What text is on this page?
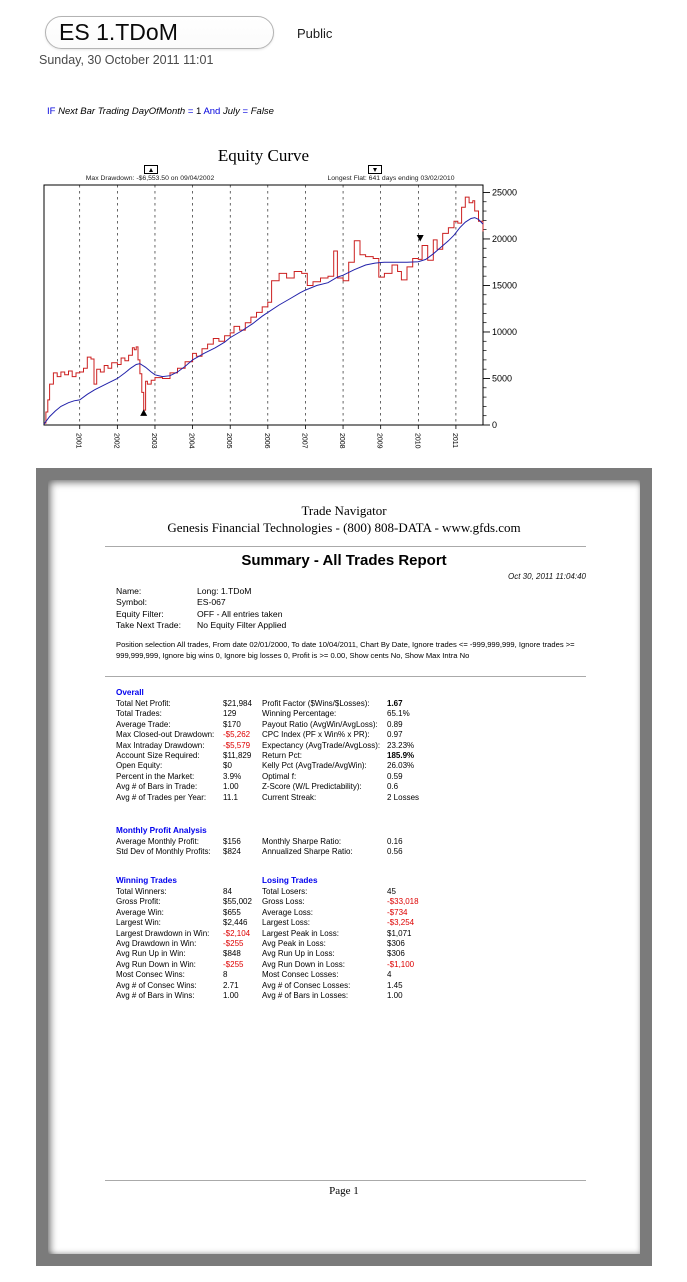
ES 1.TDoM	Public
Sunday, 30 October 2011 11:01
IF Next Bar Trading DayOfMonth = 1 And July = False
Equity Curve
Max Drawdown: -$6,553.50 on 09/04/2002	Longest Flat: 641 days ending 03/02/2010
2001	2002	2003	2004	2005	2006	2007	2008	2009	2010	2011
0
5000
10000
15000
20000
25000
Trade Navigator
Genesis Financial Technologies - (800) 808-DATA - www.gfds.com
Summary - All Trades Report
Oct 30, 2011 11:04:40
Name:	Long: 1.TDoM
Symbol:	ES-067
Equity Filter:	OFF - All entries taken
Take Next Trade:	No Equity Filter Applied
Position selection All trades, From date 02/01/2000, To date 10/04/2011, Chart By Date, Ignore trades <= -999,999,999, Ignore trades >= 999,999,999, Ignore big wins 0, Ignore big losses 0, Profit is >= 0.00, Show cents No, Show Max Intra No
Overall
Total Net Profit:	$21,984	Profit Factor ($Wins/$Losses):	1.67
Total Trades:	129	Winning Percentage:	65.1%
Average Trade:	$170	Payout Ratio (AvgWin/AvgLoss):	0.89
Max Closed-out Drawdown:	-$5,262	CPC Index (PF x Win% x PR):	0.97
Max Intraday Drawdown:	-$5,579	Expectancy (AvgTrade/AvgLoss): 23.23%
Account Size Required:	$11,829	Return Pct:	185.9%
Open Equity:	$0	Kelly Pct (AvgTrade/AvgWin):	26.03%
Percent in the Market:	3.9%	Optimal f:	0.59
Avg # of Bars in Trade:	1.00	Z-Score (W/L Predictability):	0.6
Avg # of Trades per Year:	11.1	Current Streak:	2 Losses
Monthly Profit Analysis
Average Monthly Profit:	$156	Monthly Sharpe Ratio:	0.16
Std Dev of Monthly Profits:	$824	Annualized Sharpe Ratio:	0.56
Winning Trades	Losing Trades
Total Winners:	84	Total Losers:	45
Gross Profit:	$55,002	Gross Loss:	-$33,018
Average Win:	$655	Average Loss:	-$734
Largest Win:	$2,446	Largest Loss:	-$3,254
Largest Drawdown in Win:	-$2,104	Largest Peak in Loss:	$1,071
Avg Drawdown in Win:	-$255	Avg Peak in Loss:	$306
Avg Run Up in Win:	$848	Avg Run Up in Loss:	$306
Avg Run Down in Win:	-$255	Avg Run Down in Loss:	-$1,100
Most Consec Wins:	8	Most Consec Losses:	4
Avg # of Consec Wins:	2.71	Avg # of Consec Losses:	1.45
Avg # of Bars in Wins:	1.00	Avg # of Bars in Losses:	1.00
Page 1
